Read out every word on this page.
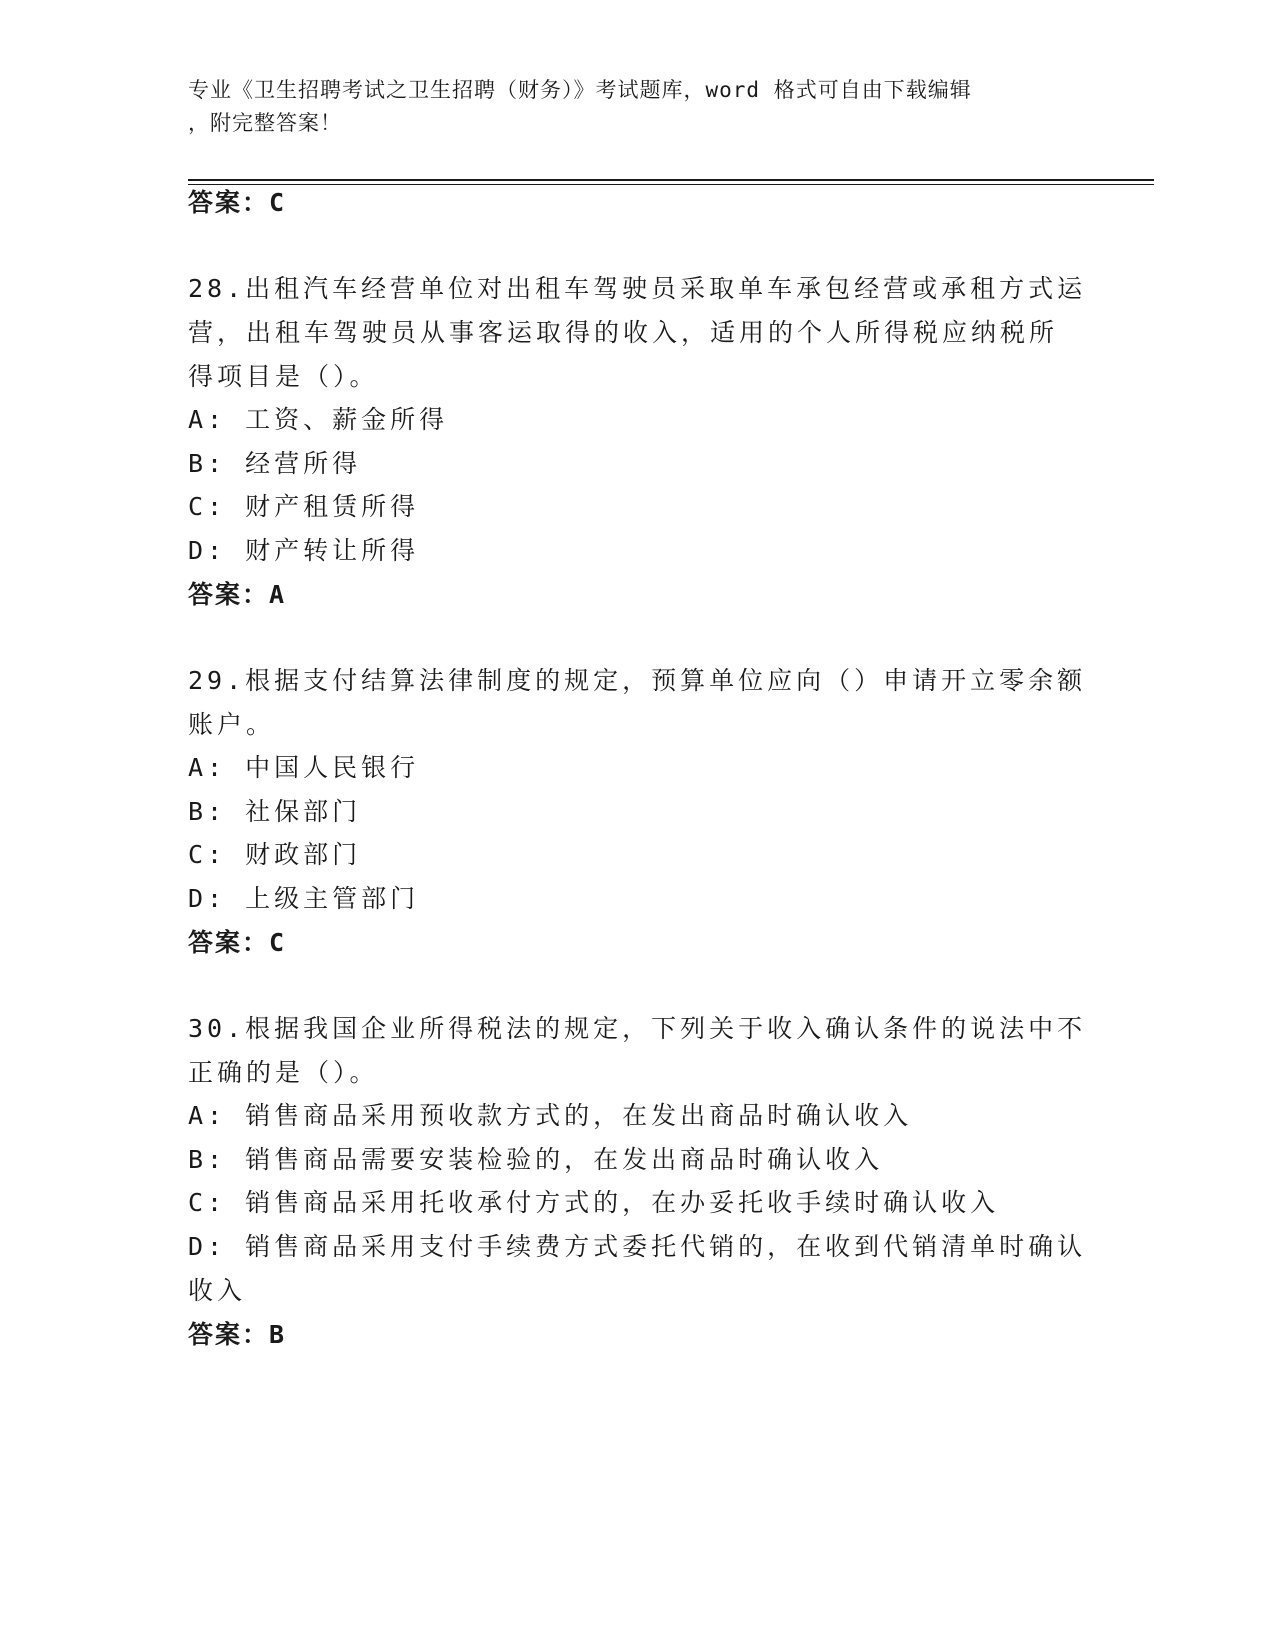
专业《卫生招聘考试之卫生招聘（财务）》考试题库，word 格式可自由下载编辑
，附完整答案！
答案：C
28.出租汽车经营单位对出租车驾驶员采取单车承包经营或承租方式运
营，出租车驾驶员从事客运取得的收入，适用的个人所得税应纳税所
得项目是（）。
A: 工资、薪金所得
B: 经营所得
C: 财产租赁所得
D: 财产转让所得
答案：A
29.根据支付结算法律制度的规定，预算单位应向（）申请开立零余额
账户。
A: 中国人民银行
B: 社保部门
C: 财政部门
D: 上级主管部门
答案：C
30.根据我国企业所得税法的规定，下列关于收入确认条件的说法中不
正确的是（）。
A: 销售商品采用预收款方式的，在发出商品时确认收入
B: 销售商品需要安装检验的，在发出商品时确认收入
C: 销售商品采用托收承付方式的，在办妥托收手续时确认收入
D: 销售商品采用支付手续费方式委托代销的，在收到代销清单时确认
收入
答案：B
